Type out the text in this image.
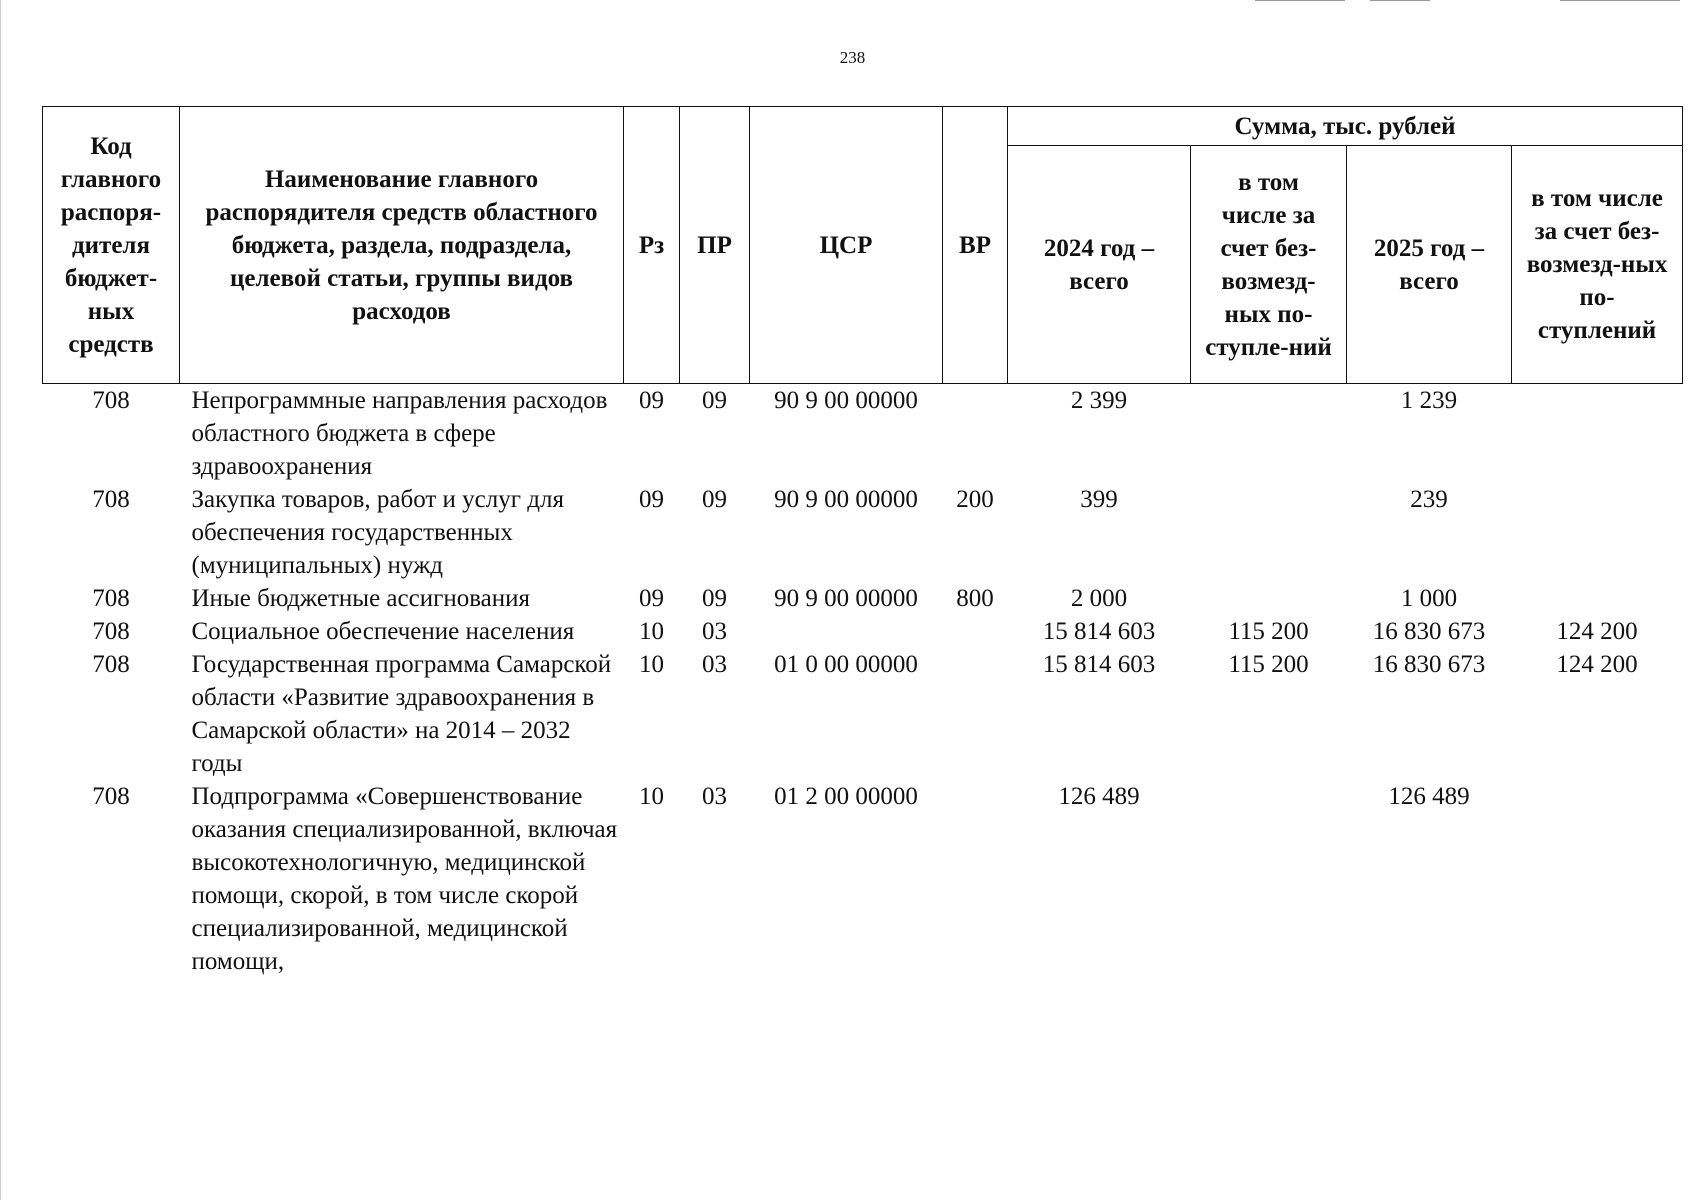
238
Код главного распоря-дителя бюджет-ных средств	Наименование главного распорядителя средств областного бюджета, раздела, подраздела, целевой статьи, группы видов расходов	Рз	ПР	ЦСР	ВР	Сумма, тыс. рублей			
						2024 год – всего	в том числе за счет без-возмезд-ных по-ступле-ний	2025 год – всего	в том числе за счет без-возмезд-ных по-ступлений
708	Непрограммные направления расходов областного бюджета в сфере здравоохранения	09	09	90 9 00 00000		2 399		1 239	
708	Закупка товаров, работ и услуг для обеспечения государственных (муниципальных) нужд	09	09	90 9 00 00000	200	399		239	
708	Иные бюджетные ассигнования	09	09	90 9 00 00000	800	2 000		1 000	
708	Социальное обеспечение населения	10	03			15 814 603	115 200	16 830 673	124 200
708	Государственная программа Самарской области «Развитие здравоохранения в Самарской области» на 2014 – 2032 годы	10	03	01 0 00 00000		15 814 603	115 200	16 830 673	124 200
708	Подпрограмма «Совершенствование оказания специализированной, включая высокотехнологичную, медицинской помощи, скорой, в том числе скорой специализированной, медицинской помощи,	10	03	01 2 00 00000		126 489		126 489	
